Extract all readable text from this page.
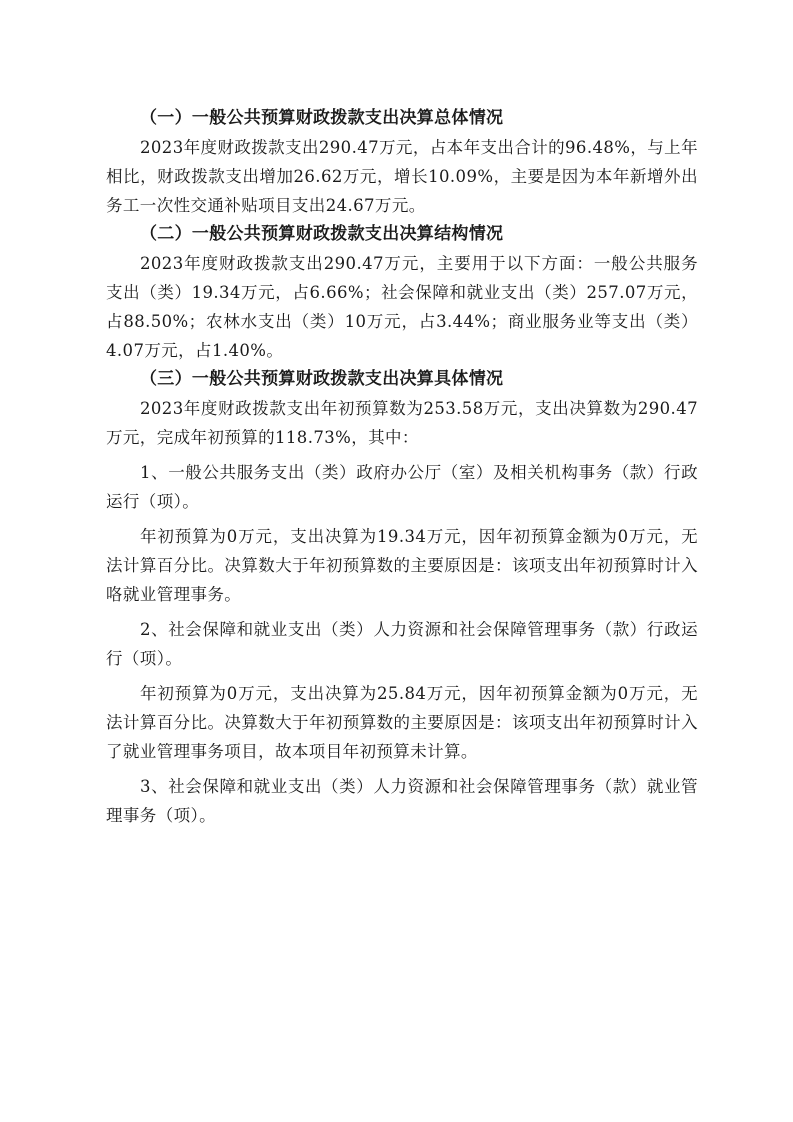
（一）一般公共预算财政拨款支出决算总体情况

2023年度财政拨款支出290.47万元，占本年支出合计的96.48%，与上年相比，财政拨款支出增加26.62万元，增长10.09%，主要是因为本年新增外出务工一次性交通补贴项目支出24.67万元。

（二）一般公共预算财政拨款支出决算结构情况

2023年度财政拨款支出290.47万元，主要用于以下方面：一般公共服务支出（类）19.34万元，占6.66%；社会保障和就业支出（类）257.07万元，占88.50%；农林水支出（类）10万元，占3.44%；商业服务业等支出（类）4.07万元，占1.40%。

（三）一般公共预算财政拨款支出决算具体情况

2023年度财政拨款支出年初预算数为253.58万元，支出决算数为290.47万元，完成年初预算的118.73%，其中：

1、一般公共服务支出（类）政府办公厅（室）及相关机构事务（款）行政运行（项）。

年初预算为0万元，支出决算为19.34万元，因年初预算金额为0万元，无法计算百分比。决算数大于年初预算数的主要原因是：该项支出年初预算时计入咯就业管理事务。

2、社会保障和就业支出（类）人力资源和社会保障管理事务（款）行政运行（项）。

年初预算为0万元，支出决算为25.84万元，因年初预算金额为0万元，无法计算百分比。决算数大于年初预算数的主要原因是：该项支出年初预算时计入了就业管理事务项目，故本项目年初预算未计算。

3、社会保障和就业支出（类）人力资源和社会保障管理事务（款）就业管理事务（项）。
